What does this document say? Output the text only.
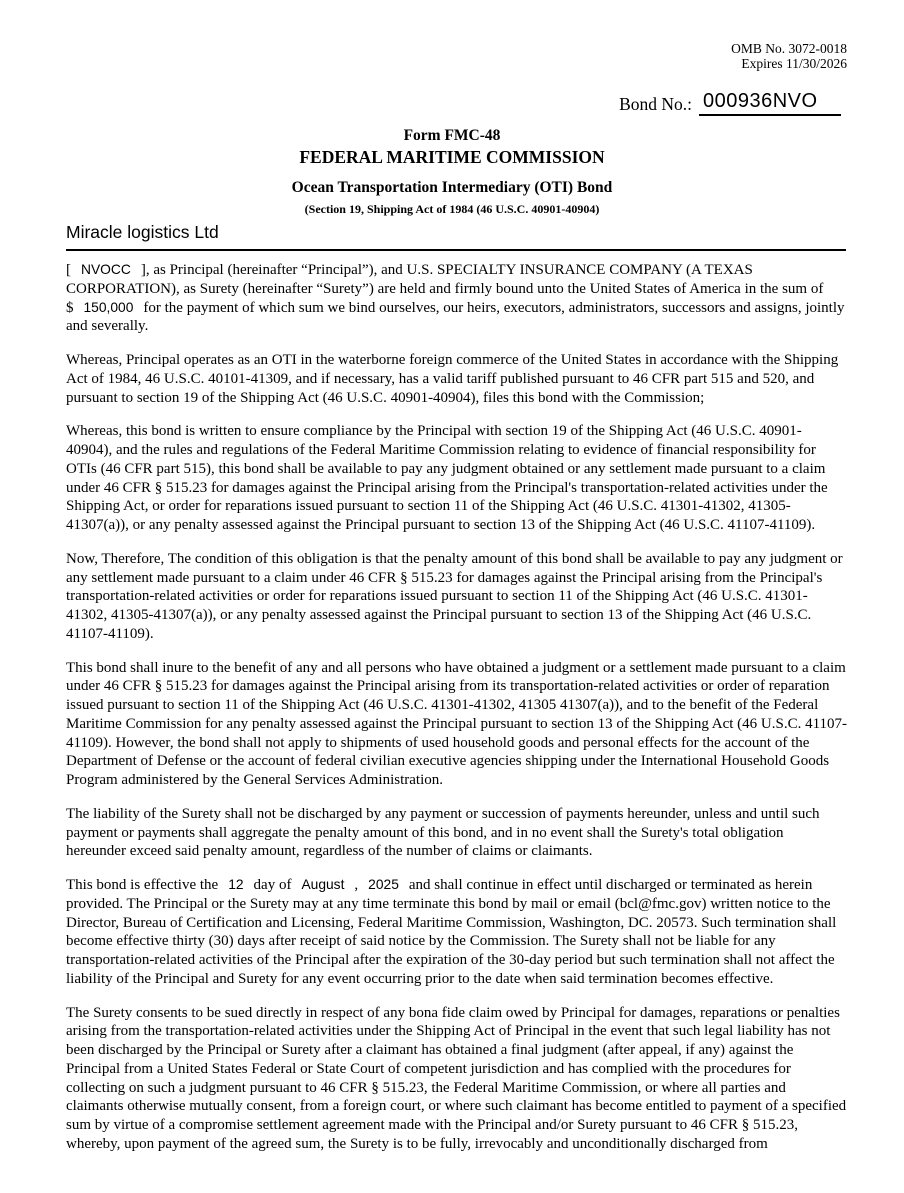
OMB No. 3072-0018
Expires 11/30/2026
Bond No.: 000936NVO
Form FMC-48
FEDERAL MARITIME COMMISSION
Ocean Transportation Intermediary (OTI) Bond
(Section 19, Shipping Act of 1984 (46 U.S.C. 40901-40904)
Miracle logistics Ltd

[ NVOCC ], as Principal (hereinafter “Principal”), and U.S. SPECIALTY INSURANCE COMPANY (A TEXAS CORPORATION), as Surety (hereinafter “Surety”) are held and firmly bound unto the United States of America in the sum of $ 150,000 for the payment of which sum we bind ourselves, our heirs, executors, administrators, successors and assigns, jointly and severally.

Whereas, Principal operates as an OTI in the waterborne foreign commerce of the United States in accordance with the Shipping Act of 1984, 46 U.S.C. 40101-41309, and if necessary, has a valid tariff published pursuant to 46 CFR part 515 and 520, and pursuant to section 19 of the Shipping Act (46 U.S.C. 40901-40904), files this bond with the Commission;

Whereas, this bond is written to ensure compliance by the Principal with section 19 of the Shipping Act (46 U.S.C. 40901-40904), and the rules and regulations of the Federal Maritime Commission relating to evidence of financial responsibility for OTIs (46 CFR part 515), this bond shall be available to pay any judgment obtained or any settlement made pursuant to a claim under 46 CFR § 515.23 for damages against the Principal arising from the Principal's transportation-related activities under the Shipping Act, or order for reparations issued pursuant to section 11 of the Shipping Act (46 U.S.C. 41301-41302, 41305-41307(a)), or any penalty assessed against the Principal pursuant to section 13 of the Shipping Act (46 U.S.C. 41107-41109).

Now, Therefore, The condition of this obligation is that the penalty amount of this bond shall be available to pay any judgment or any settlement made pursuant to a claim under 46 CFR § 515.23 for damages against the Principal arising from the Principal's transportation-related activities or order for reparations issued pursuant to section 11 of the Shipping Act (46 U.S.C. 41301-41302, 41305-41307(a)), or any penalty assessed against the Principal pursuant to section 13 of the Shipping Act (46 U.S.C. 41107-41109).

This bond shall inure to the benefit of any and all persons who have obtained a judgment or a settlement made pursuant to a claim under 46 CFR § 515.23 for damages against the Principal arising from its transportation-related activities or order of reparation issued pursuant to section 11 of the Shipping Act (46 U.S.C. 41301-41302, 41305 41307(a)), and to the benefit of the Federal Maritime Commission for any penalty assessed against the Principal pursuant to section 13 of the Shipping Act (46 U.S.C. 41107-41109). However, the bond shall not apply to shipments of used household goods and personal effects for the account of the Department of Defense or the account of federal civilian executive agencies shipping under the International Household Goods Program administered by the General Services Administration.

The liability of the Surety shall not be discharged by any payment or succession of payments hereunder, unless and until such payment or payments shall aggregate the penalty amount of this bond, and in no event shall the Surety's total obligation hereunder exceed said penalty amount, regardless of the number of claims or claimants.

This bond is effective the 12 day of August , 2025 and shall continue in effect until discharged or terminated as herein provided. The Principal or the Surety may at any time terminate this bond by mail or email (bcl@fmc.gov) written notice to the Director, Bureau of Certification and Licensing, Federal Maritime Commission, Washington, DC. 20573. Such termination shall become effective thirty (30) days after receipt of said notice by the Commission. The Surety shall not be liable for any transportation-related activities of the Principal after the expiration of the 30-day period but such termination shall not affect the liability of the Principal and Surety for any event occurring prior to the date when said termination becomes effective.

The Surety consents to be sued directly in respect of any bona fide claim owed by Principal for damages, reparations or penalties arising from the transportation-related activities under the Shipping Act of Principal in the event that such legal liability has not been discharged by the Principal or Surety after a claimant has obtained a final judgment (after appeal, if any) against the Principal from a United States Federal or State Court of competent jurisdiction and has complied with the procedures for collecting on such a judgment pursuant to 46 CFR § 515.23, the Federal Maritime Commission, or where all parties and claimants otherwise mutually consent, from a foreign court, or where such claimant has become entitled to payment of a specified sum by virtue of a compromise settlement agreement made with the Principal and/or Surety pursuant to 46 CFR § 515.23, whereby, upon payment of the agreed sum, the Surety is to be fully, irrevocably and unconditionally discharged from
